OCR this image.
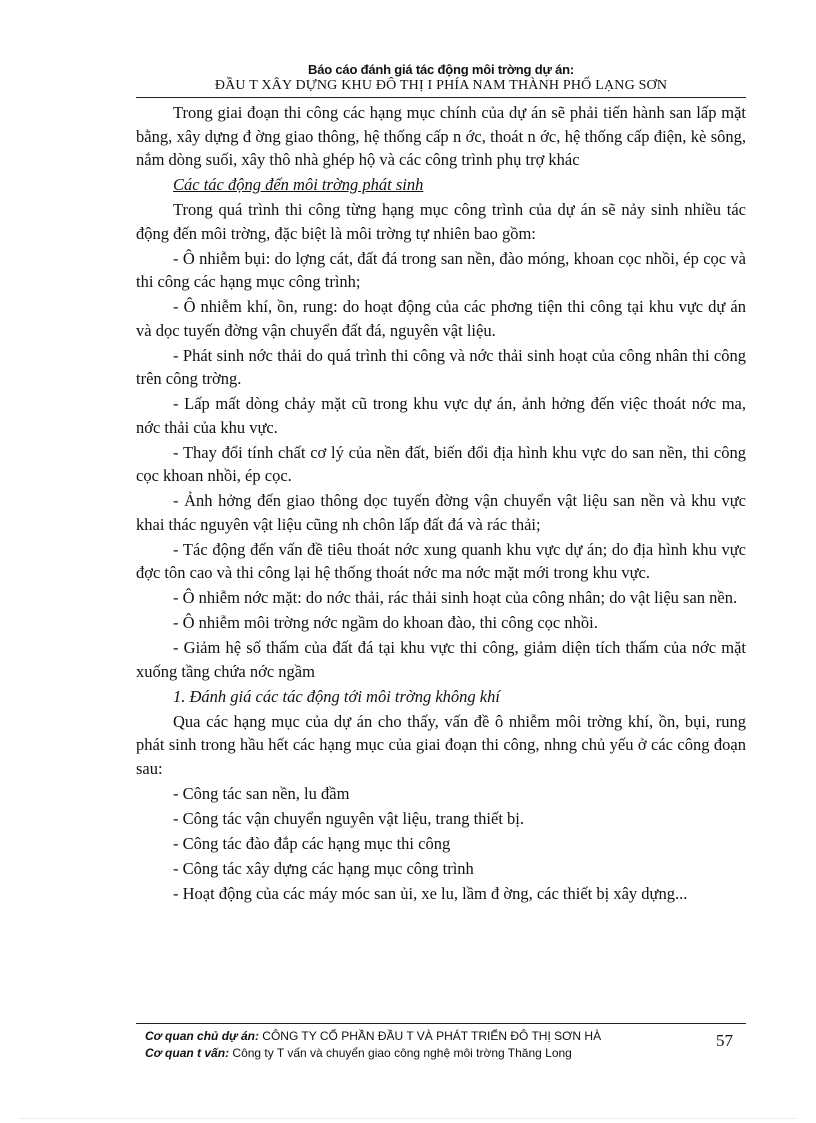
Báo cáo đánh giá tác động môi trờng dự án:
ĐẦU T XÂY DỰNG KHU ĐÔ THỊ I PHÍA NAM THÀNH PHỐ LẠNG SƠN

Trong giai đoạn thi công các hạng mục chính của dự án sẽ phải tiến hành san lấp mặt bằng, xây dựng đ ờng giao thông, hệ thống cấp n ớc, thoát n ớc, hệ thống cấp điện, kè sông, nắm dòng suối, xây thô nhà ghép hộ và các công trình phụ trợ khác

Các tác động đến môi trờng phát sinh

Trong quá trình thi công từng hạng mục công trình của dự án sẽ nảy sinh nhiều tác động đến môi trờng, đặc biệt là môi trờng tự nhiên bao gồm:

- Ô nhiễm bụi: do lợng cát, đất đá trong san nền, đào móng, khoan cọc nhồi, ép cọc và thi công các hạng mục công trình;

- Ô nhiễm khí, ồn, rung: do hoạt động của các phơng tiện thi công tại khu vực dự án và dọc tuyến đờng vận chuyển đất đá, nguyên vật liệu.

- Phát sinh nớc thải do quá trình thi công và nớc thải sinh hoạt của công nhân thi công trên công trờng.

- Lấp mất dòng chảy mặt cũ trong khu vực dự án, ảnh hởng đến việc thoát nớc ma, nớc thải của khu vực.

- Thay đổi tính chất cơ lý của nền đất, biến đổi địa hình khu vực do san nền, thi công cọc khoan nhồi, ép cọc.

- Ảnh hởng đến giao thông dọc tuyến đờng vận chuyển vật liệu san nền và khu vực khai thác nguyên vật liệu cũng nh chôn lấp đất đá và rác thải;

- Tác động đến vấn đề tiêu thoát nớc xung quanh khu vực dự án; do địa hình khu vực đợc tôn cao và thi công lại hệ thống thoát nớc ma nớc mặt mới trong khu vực.

- Ô nhiễm nớc mặt: do nớc thải, rác thải sinh hoạt của công nhân; do vật liệu san nền.

- Ô nhiễm môi trờng nớc ngầm do khoan đào, thi công cọc nhồi.

- Giảm hệ số thấm của đất đá tại khu vực thi công, giảm diện tích thấm của nớc mặt xuống tầng chứa nớc ngầm

1. Đánh giá các tác động tới môi trờng không khí

Qua các hạng mục của dự án cho thấy, vấn đề ô nhiễm môi trờng khí, ồn, bụi, rung phát sinh trong hầu hết các hạng mục của giai đoạn thi công, nhng chủ yếu ở các công đoạn sau:

- Công tác san nền, lu đầm

- Công tác vận chuyển nguyên vật liệu, trang thiết bị.

- Công tác đào đắp các hạng mục thi công

- Công tác xây dựng các hạng mục công trình

- Hoạt động của các máy móc san ủi, xe lu, lầm đ ờng, các thiết bị xây dựng...

Cơ quan chủ dự án: CÔNG TY CỔ PHẦN ĐẦU T VÀ PHÁT TRIỂN ĐÔ THỊ SƠN HÀ
Cơ quan t vấn: Công ty T vấn và chuyển giao công nghệ môi trờng Thăng Long
57
